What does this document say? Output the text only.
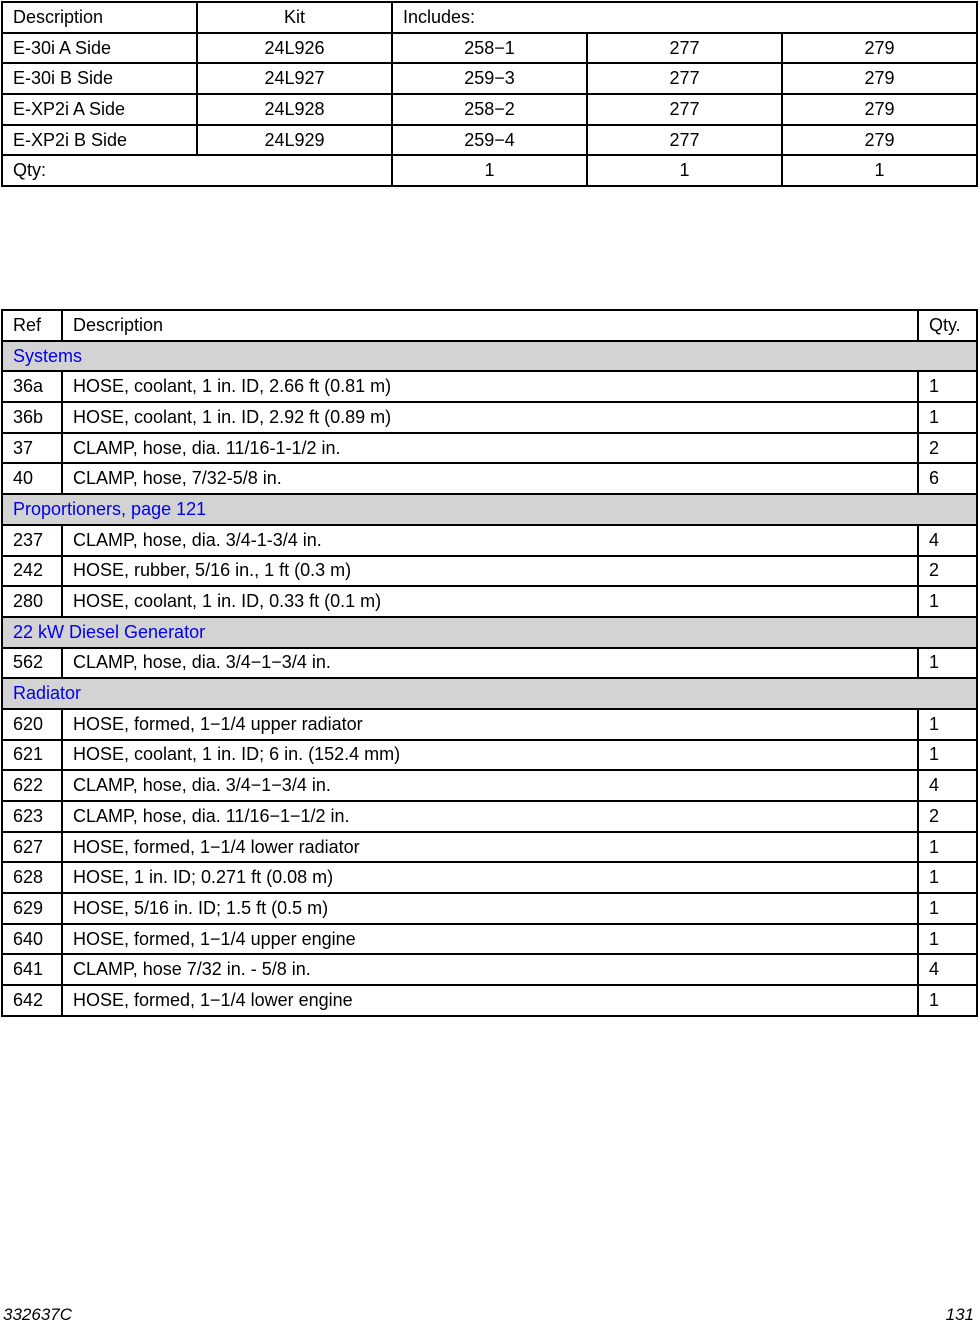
Description	Kit	Includes:		
E-30i A Side	24L926	258−1	277	279
E-30i B Side	24L927	259−3	277	279
E-XP2i A Side	24L928	258−2	277	279
E-XP2i B Side	24L929	259−4	277	279
Qty:		1	1	1
Ref	Description	Qty.
Systems		
36a	HOSE, coolant, 1 in. ID, 2.66 ft (0.81 m)	1
36b	HOSE, coolant, 1 in. ID, 2.92 ft (0.89 m)	1
37	CLAMP, hose, dia. 11/16-1-1/2 in.	2
40	CLAMP, hose, 7/32-5/8 in.	6
Proportioners, page 121		
237	CLAMP, hose, dia. 3/4-1-3/4 in.	4
242	HOSE, rubber, 5/16 in., 1 ft (0.3 m)	2
280	HOSE, coolant, 1 in. ID, 0.33 ft (0.1 m)	1
22 kW Diesel Generator		
562	CLAMP, hose, dia. 3/4−1−3/4 in.	1
Radiator		
620	HOSE, formed, 1−1/4 upper radiator	1
621	HOSE, coolant, 1 in. ID; 6 in. (152.4 mm)	1
622	CLAMP, hose, dia. 3/4−1−3/4 in.	4
623	CLAMP, hose, dia. 11/16−1−1/2 in.	2
627	HOSE, formed, 1−1/4 lower radiator	1
628	HOSE, 1 in. ID; 0.271 ft (0.08 m)	1
629	HOSE, 5/16 in. ID; 1.5 ft (0.5 m)	1
640	HOSE, formed, 1−1/4 upper engine	1
641	CLAMP, hose 7/32 in. - 5/8 in.	4
642	HOSE, formed, 1−1/4 lower engine	1
332637C	131
